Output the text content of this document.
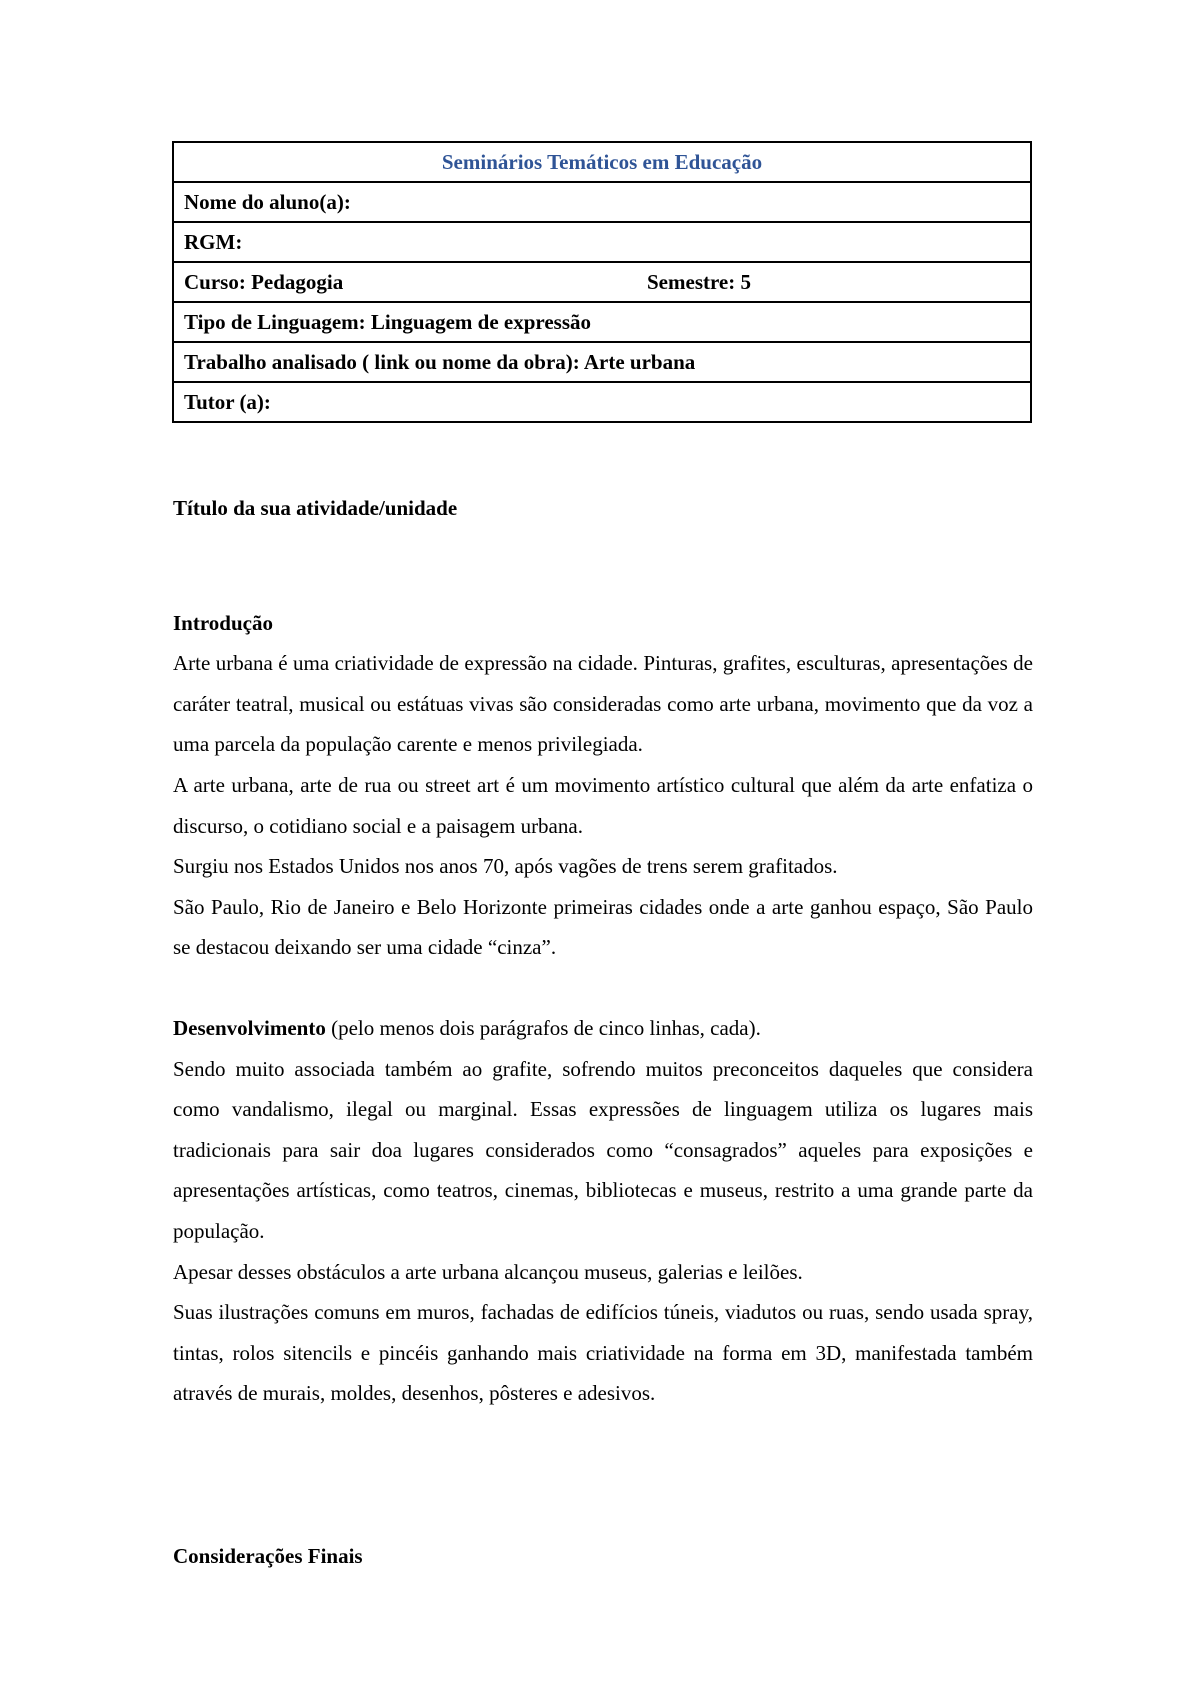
Seminários Temáticos em Educação
Nome do aluno(a):
RGM:

Curso: Pedagogia	Semestre: 5

Tipo de Linguagem: Linguagem de expressão
Trabalho analisado ( link ou nome da obra): Arte urbana
Tutor (a):

Título da sua atividade/unidade

Introdução

Arte urbana é uma criatividade de expressão na cidade. Pinturas, grafites, esculturas, apresentações de caráter teatral, musical ou estátuas vivas são consideradas como arte urbana, movimento que da voz a uma parcela da população carente e menos privilegiada.

A arte urbana, arte de rua ou street art é um movimento artístico cultural que além da arte enfatiza o discurso, o cotidiano social e a paisagem urbana.

Surgiu nos Estados Unidos nos anos 70, após vagões de trens serem grafitados.

São Paulo, Rio de Janeiro e Belo Horizonte primeiras cidades onde a arte ganhou espaço, São Paulo se destacou deixando ser uma cidade “cinza”.

Desenvolvimento (pelo menos dois parágrafos de cinco linhas, cada).

Sendo muito associada também ao grafite, sofrendo muitos preconceitos daqueles que considera como vandalismo, ilegal ou marginal. Essas expressões de linguagem utiliza os lugares mais tradicionais para sair doa lugares considerados como “consagrados” aqueles para exposições e apresentações artísticas, como teatros, cinemas, bibliotecas e museus, restrito a uma grande parte da população.

Apesar desses obstáculos a arte urbana alcançou museus, galerias e leilões.

Suas ilustrações comuns em muros, fachadas de edifícios túneis, viadutos ou ruas, sendo usada spray, tintas, rolos sitencils e pincéis ganhando mais criatividade na forma em 3D, manifestada também através de murais, moldes, desenhos, pôsteres e adesivos.

Considerações Finais
